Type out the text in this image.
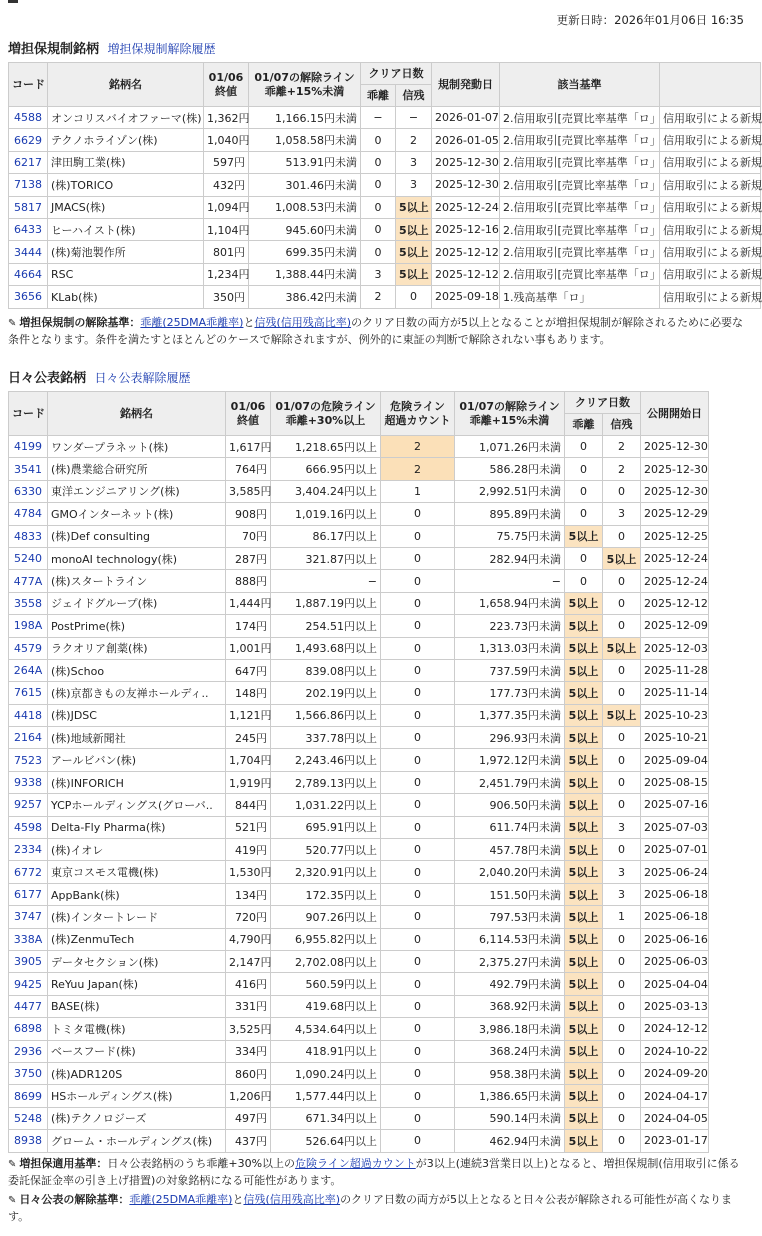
更新日時：2026年01月06日 16:35
増担保規制銘柄 増担保規制解除履歴
コード	銘柄名	01/06
終値	01/07の解除ライン
乖離+15%未満	クリア日数		規制発動日	該当基準	
				乖離	信残			
4588	オンコリスバイオファーマ(株)	1,362円	1,166.15円未満	−	−	2026-01-07	2.信用取引[売買比率基準「ロ」	信用取引による新規
6629	テクノホライゾン(株)	1,040円	1,058.58円未満	0	2	2026-01-05	2.信用取引[売買比率基準「ロ」	信用取引による新規
6217	津田駒工業(株)	597円	513.91円未満	0	3	2025-12-30	2.信用取引[売買比率基準「ロ」	信用取引による新規
7138	(株)TORICO	432円	301.46円未満	0	3	2025-12-30	2.信用取引[売買比率基準「ロ」	信用取引による新規
5817	JMACS(株)	1,094円	1,008.53円未満	0	5以上	2025-12-24	2.信用取引[売買比率基準「ロ」	信用取引による新規
6433	ヒーハイスト(株)	1,104円	945.60円未満	0	5以上	2025-12-16	2.信用取引[売買比率基準「ロ」	信用取引による新規
3444	(株)菊池製作所	801円	699.35円未満	0	5以上	2025-12-12	2.信用取引[売買比率基準「ロ」	信用取引による新規
4664	RSC	1,234円	1,388.44円未満	3	5以上	2025-12-12	2.信用取引[売買比率基準「ロ」	信用取引による新規
3656	KLab(株)	350円	386.42円未満	2	0	2025-09-18	1.残高基準「ロ」	信用取引による新規
✎ 増担保規制の解除基準：乖離(25DMA乖離率)と信残(信用残高比率)のクリア日数の両方が5以上となることが増担保規制が解除されるために必要な条件となります。条件を満たすとほとんどのケースで解除されますが、例外的に東証の判断で解除されない事もあります。
日々公表銘柄 日々公表解除履歴
コード	銘柄名	01/06
終値	01/07の危険ライン
乖離+30%以上	危険ライン
超過カウント	01/07の解除ライン
乖離+15%未満	クリア日数		公開開始日
						乖離	信残	
4199	ワンダープラネット(株)	1,617円	1,218.65円以上	2	1,071.26円未満	0	2	2025-12-30
3541	(株)農業総合研究所	764円	666.95円以上	2	586.28円未満	0	2	2025-12-30
6330	東洋エンジニアリング(株)	3,585円	3,404.24円以上	1	2,992.51円未満	0	0	2025-12-30
4784	GMOインターネット(株)	908円	1,019.16円以上	0	895.89円未満	0	3	2025-12-29
4833	(株)Def consulting	70円	86.17円以上	0	75.75円未満	5以上	0	2025-12-25
5240	monoAI technology(株)	287円	321.87円以上	0	282.94円未満	0	5以上	2025-12-24
477A	(株)スタートライン	888円	−	0	−	0	0	2025-12-24
3558	ジェイドグループ(株)	1,444円	1,887.19円以上	0	1,658.94円未満	5以上	0	2025-12-12
198A	PostPrime(株)	174円	254.51円以上	0	223.73円未満	5以上	0	2025-12-09
4579	ラクオリア創薬(株)	1,001円	1,493.68円以上	0	1,313.03円未満	5以上	5以上	2025-12-03
264A	(株)Schoo	647円	839.08円以上	0	737.59円未満	5以上	0	2025-11-28
7615	(株)京都きもの友禅ホールディ..	148円	202.19円以上	0	177.73円未満	5以上	0	2025-11-14
4418	(株)JDSC	1,121円	1,566.86円以上	0	1,377.35円未満	5以上	5以上	2025-10-23
2164	(株)地域新聞社	245円	337.78円以上	0	296.93円未満	5以上	0	2025-10-21
7523	アールビバン(株)	1,704円	2,243.46円以上	0	1,972.12円未満	5以上	0	2025-09-04
9338	(株)INFORICH	1,919円	2,789.13円以上	0	2,451.79円未満	5以上	0	2025-08-15
9257	YCPホールディングス(グローバ..	844円	1,031.22円以上	0	906.50円未満	5以上	0	2025-07-16
4598	Delta-Fly Pharma(株)	521円	695.91円以上	0	611.74円未満	5以上	3	2025-07-03
2334	(株)イオレ	419円	520.77円以上	0	457.78円未満	5以上	0	2025-07-01
6772	東京コスモス電機(株)	1,530円	2,320.91円以上	0	2,040.20円未満	5以上	3	2025-06-24
6177	AppBank(株)	134円	172.35円以上	0	151.50円未満	5以上	3	2025-06-18
3747	(株)インタートレード	720円	907.26円以上	0	797.53円未満	5以上	1	2025-06-18
338A	(株)ZenmuTech	4,790円	6,955.82円以上	0	6,114.53円未満	5以上	0	2025-06-16
3905	データセクション(株)	2,147円	2,702.08円以上	0	2,375.27円未満	5以上	0	2025-06-03
9425	ReYuu Japan(株)	416円	560.59円以上	0	492.79円未満	5以上	0	2025-04-04
4477	BASE(株)	331円	419.68円以上	0	368.92円未満	5以上	0	2025-03-13
6898	トミタ電機(株)	3,525円	4,534.64円以上	0	3,986.18円未満	5以上	0	2024-12-12
2936	ベースフード(株)	334円	418.91円以上	0	368.24円未満	5以上	0	2024-10-22
3750	(株)ADR120S	860円	1,090.24円以上	0	958.38円未満	5以上	0	2024-09-20
8699	HSホールディングス(株)	1,206円	1,577.44円以上	0	1,386.65円未満	5以上	0	2024-04-17
5248	(株)テクノロジーズ	497円	671.34円以上	0	590.14円未満	5以上	0	2024-04-05
8938	グローム・ホールディングス(株)	437円	526.64円以上	0	462.94円未満	5以上	0	2023-01-17
✎ 増担保適用基準：日々公表銘柄のうち乖離+30%以上の危険ライン超過カウントが3以上(連続3営業日以上)となると、増担保規制(信用取引に係る委託保証金率の引き上げ措置)の対象銘柄になる可能性があります。
✎ 日々公表の解除基準：乖離(25DMA乖離率)と信残(信用残高比率)のクリア日数の両方が5以上となると日々公表が解除される可能性が高くなります。
